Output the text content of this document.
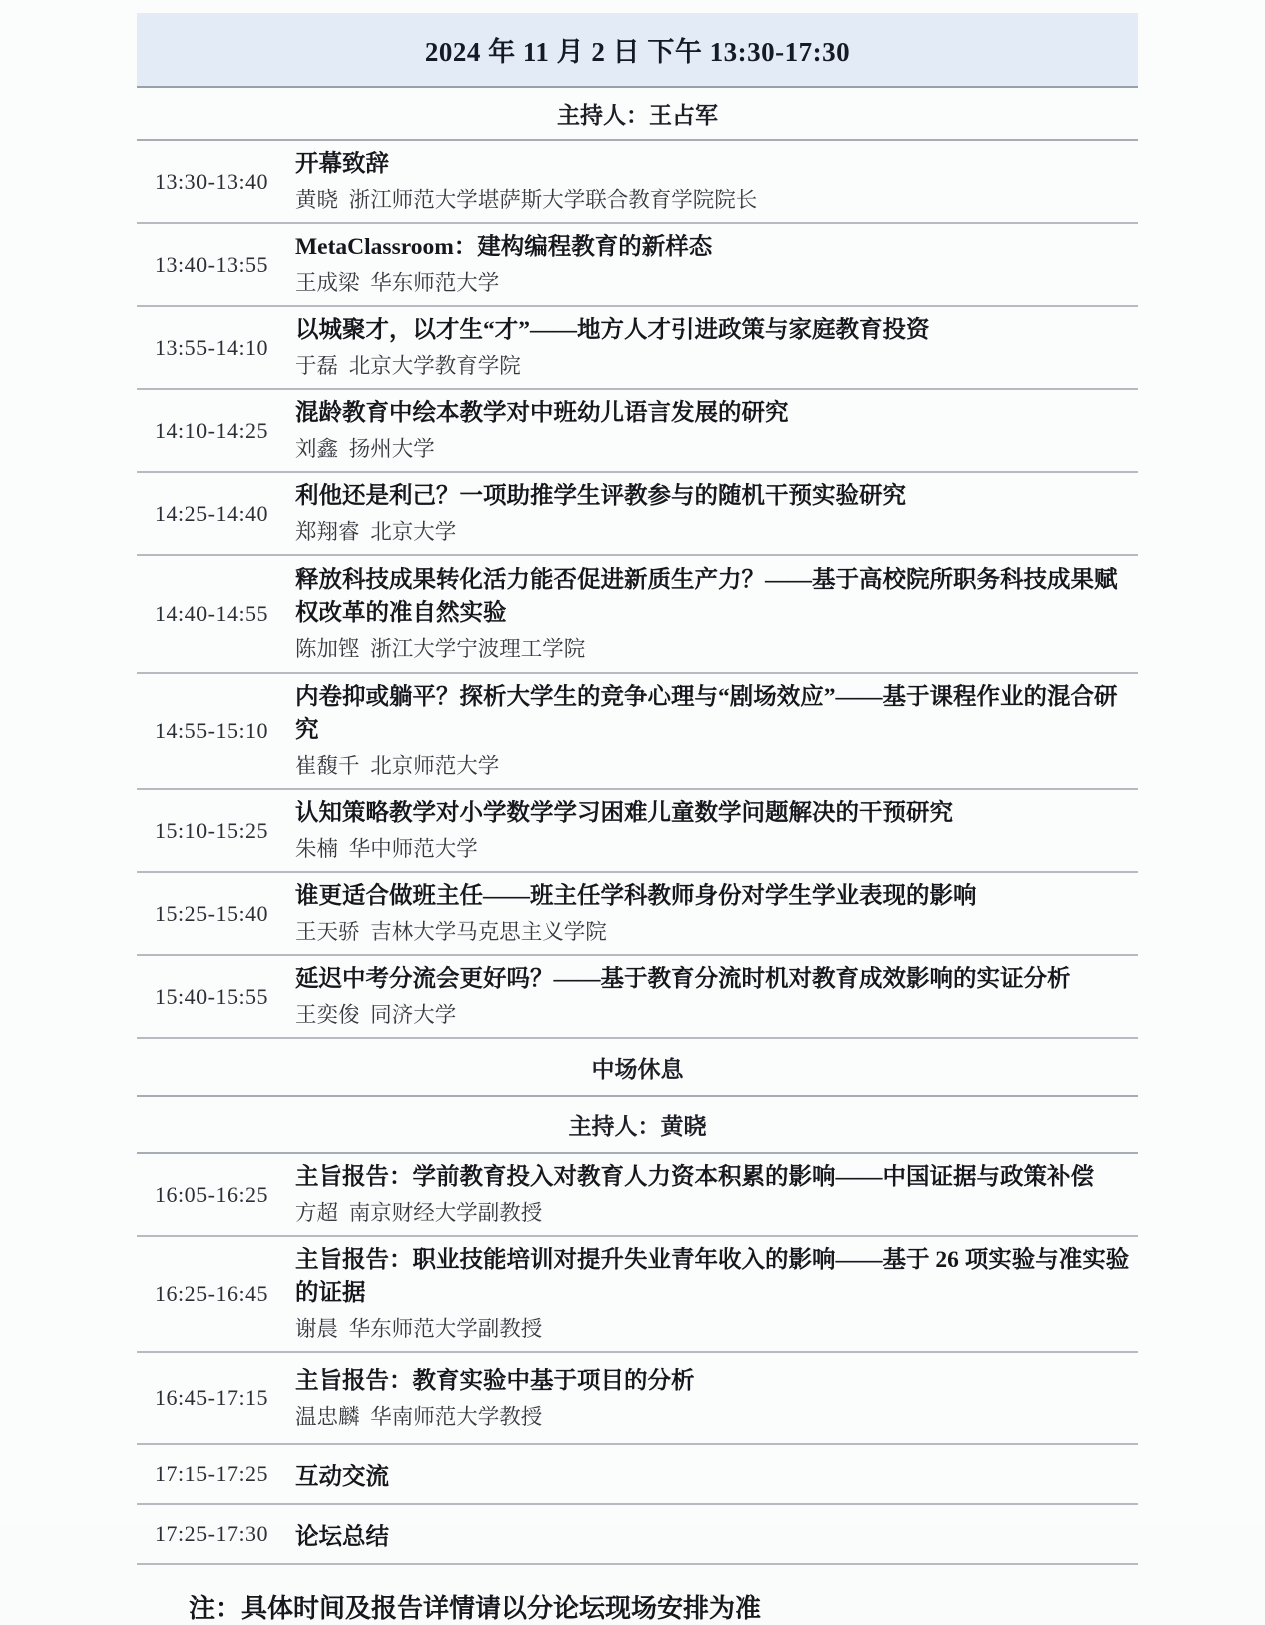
2024 年 11 月 2 日 下午 13:30-17:30
主持人：王占军
13:30-13:40
开幕致辞
黄晓  浙江师范大学堪萨斯大学联合教育学院院长
13:40-13:55
MetaClassroom：建构编程教育的新样态
王成梁  华东师范大学
13:55-14:10
以城聚才，以才生“才”——地方人才引进政策与家庭教育投资
于磊  北京大学教育学院
14:10-14:25
混龄教育中绘本教学对中班幼儿语言发展的研究
刘鑫  扬州大学
14:25-14:40
利他还是利己？一项助推学生评教参与的随机干预实验研究
郑翔睿  北京大学
14:40-14:55
释放科技成果转化活力能否促进新质生产力？——基于高校院所职务科技成果赋权改革的准自然实验
陈加铿  浙江大学宁波理工学院
14:55-15:10
内卷抑或躺平？探析大学生的竞争心理与“剧场效应”——基于课程作业的混合研究
崔馥千  北京师范大学
15:10-15:25
认知策略教学对小学数学学习困难儿童数学问题解决的干预研究
朱楠  华中师范大学
15:25-15:40
谁更适合做班主任——班主任学科教师身份对学生学业表现的影响
王天骄  吉林大学马克思主义学院
15:40-15:55
延迟中考分流会更好吗？——基于教育分流时机对教育成效影响的实证分析
王奕俊  同济大学
中场休息
主持人：黄晓
16:05-16:25
主旨报告：学前教育投入对教育人力资本积累的影响——中国证据与政策补偿
方超  南京财经大学副教授
16:25-16:45
主旨报告：职业技能培训对提升失业青年收入的影响——基于 26 项实验与准实验的证据
谢晨  华东师范大学副教授
16:45-17:15
主旨报告：教育实验中基于项目的分析
温忠麟  华南师范大学教授
17:15-17:25	互动交流
17:25-17:30	论坛总结
注：具体时间及报告详情请以分论坛现场安排为准
